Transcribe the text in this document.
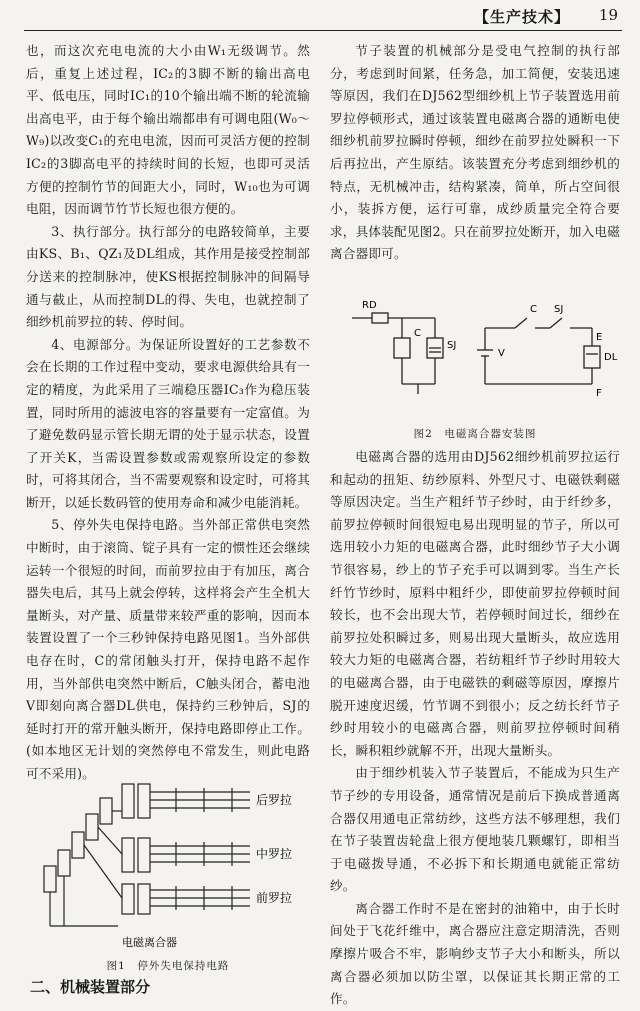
【生产技术】 19

也，而这次充电电流的大小由W₁无级调节。然后，重复上述过程，IC₂的3脚不断的输出高电平、低电压，同时IC₁的10个输出端不断的轮流输出高电平，由于每个输出端都串有可调电阻(W₀～W₉)以改变C₁的充电电流，因而可灵活方便的控制IC₂的3脚高电平的持续时间的长短，也即可灵活方便的控制竹节的间距大小，同时，W₁₀也为可调电阻，因而调节竹节长短也很方便的。

3、执行部分。执行部分的电路较简单，主要由KS、B₁、QZ₁及DL组成，其作用是接受控制部分送来的控制脉冲，使KS根据控制脉冲的间隔导通与截止，从而控制DL的得、失电，也就控制了细纱机前罗拉的转、停时间。

4、电源部分。为保证所设置好的工艺参数不会在长期的工作过程中变动，要求电源供给具有一定的精度，为此采用了三端稳压器IC₃作为稳压装置，同时所用的滤波电容的容量要有一定富值。为了避免数码显示管长期无谓的处于显示状态，设置了开关K，当需设置参数或需观察所设定的参数时，可将其闭合，当不需要观察和设定时，可将其断开，以延长数码管的使用寿命和减少电能消耗。

5、停外失电保持电路。当外部正常供电突然中断时，由于滚筒、锭子具有一定的惯性还会继续运转一个很短的时间，而前罗拉由于有加压，离合器失电后，其马上就会停转，这样将会产生全机大量断头，对产量、质量带来较严重的影响，因而本装置设置了一个三秒钟保持电路见图1。当外部供电存在时，C的常闭触头打开，保持电路不起作用，当外部供电突然中断后，C触头闭合，蓄电池V即刻向离合器DL供电，保持约三秒钟后，SJ的延时打开的常开触头断开，保持电路即停止工作。(如本地区无计划的突然停电不常发生，则此电路可不采用)。

节子装置的机械部分是受电气控制的执行部分，考虑到时间紧，任务急，加工简便，安装迅速等原因，我们在DJ562型细纱机上节子装置选用前罗拉停顿形式，通过该装置电磁离合器的通断电使细纱机前罗拉瞬时停顿，细纱在前罗拉处瞬积一下后再拉出，产生原结。该装置充分考虑到细纱机的特点，无机械冲击，结构紧凑，简单，所占空间很小，装拆方便，运行可靠，成纱质量完全符合要求，具体装配见图2。只在前罗拉处断开，加入电磁离合器即可。

RD
C
SJ
C SJ
E
V	DL
F
图2　电磁离合器安装图

电磁离合器的选用由DJ562细纱机前罗拉运行和起动的扭矩、纺纱原料、外型尺寸、电磁铁剩磁等原因决定。当生产粗纤节子纱时，由于纤纱多，前罗拉停顿时间很短电易出现明显的节子，所以可选用较小力矩的电磁离合器，此时细纱节子大小调节很容易，纱上的节子充手可以调到零。当生产长纤竹节纱时，原料中粗纤少，即使前罗拉停顿时间较长，也不会出现大节，若停顿时间过长，细纱在前罗拉处积瞬过多，则易出现大量断头，故应选用较大力矩的电磁离合器，若纺粗纤节子纱时用较大的电磁离合器，由于电磁铁的剩磁等原因，摩擦片脱开速度迟缓，竹节调不到很小；反之纺长纤节子纱时用较小的电磁离合器，则前罗拉停顿时间稍长，瞬积粗纱就解不开，出现大量断头。

由于细纱机装入节子装置后，不能成为只生产节子纱的专用设备，通常情况是前后下换成普通离合器仅用通电正常纺纱，这些方法不够理想，我们在节子装置齿轮盘上很方便地装几颗螺钉，即相当于电磁拨导通，不必拆下和长期通电就能正常纺纱。

离合器工作时不是在密封的油箱中，由于长时间处于飞花纤维中，离合器应注意定期清洗，否则摩擦片吸合不牢，影响纱支节子大小和断头，所以离合器必须加以防尘罩，以保证其长期正常的工作。

后罗拉
中罗拉
前罗拉
电磁离合器
图1　停外失电保持电路
二、机械装置部分
